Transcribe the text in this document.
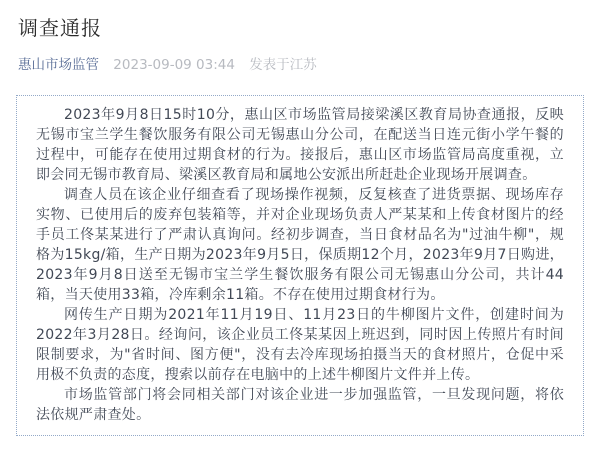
调查通报
惠山市场监管 2023-09-09 03:44 发表于江苏

2023年9月8日15时10分，惠山区市场监管局接梁溪区教育局协查通报，反映无锡市宝兰学生餐饮服务有限公司无锡惠山分公司，在配送当日连元街小学午餐的过程中，可能存在使用过期食材的行为。接报后，惠山区市场监管局高度重视，立即会同无锡市教育局、梁溪区教育局和属地公安派出所赶赴企业现场开展调查。

调查人员在该企业仔细查看了现场操作视频，反复核查了进货票据、现场库存实物、已使用后的废弃包装箱等，并对企业现场负责人严某某和上传食材图片的经手员工佟某某进行了严肃认真询问。经初步调查，当日食材品名为"过油牛柳"，规格为15kg/箱，生产日期为2023年9月5日，保质期12个月，2023年9月7日购进，2023年9月8日送至无锡市宝兰学生餐饮服务有限公司无锡惠山分公司，共计44箱，当天使用33箱，冷库剩余11箱。不存在使用过期食材行为。

网传生产日期为2021年11月19日、11月23日的牛柳图片文件，创建时间为2022年3月28日。经询问，该企业员工佟某某因上班迟到，同时因上传照片有时间限制要求，为"省时间、图方便"，没有去冷库现场拍摄当天的食材照片，仓促中采用极不负责的态度，搜索以前存在电脑中的上述牛柳图片文件并上传。

市场监管部门将会同相关部门对该企业进一步加强监管，一旦发现问题，将依法依规严肃查处。
